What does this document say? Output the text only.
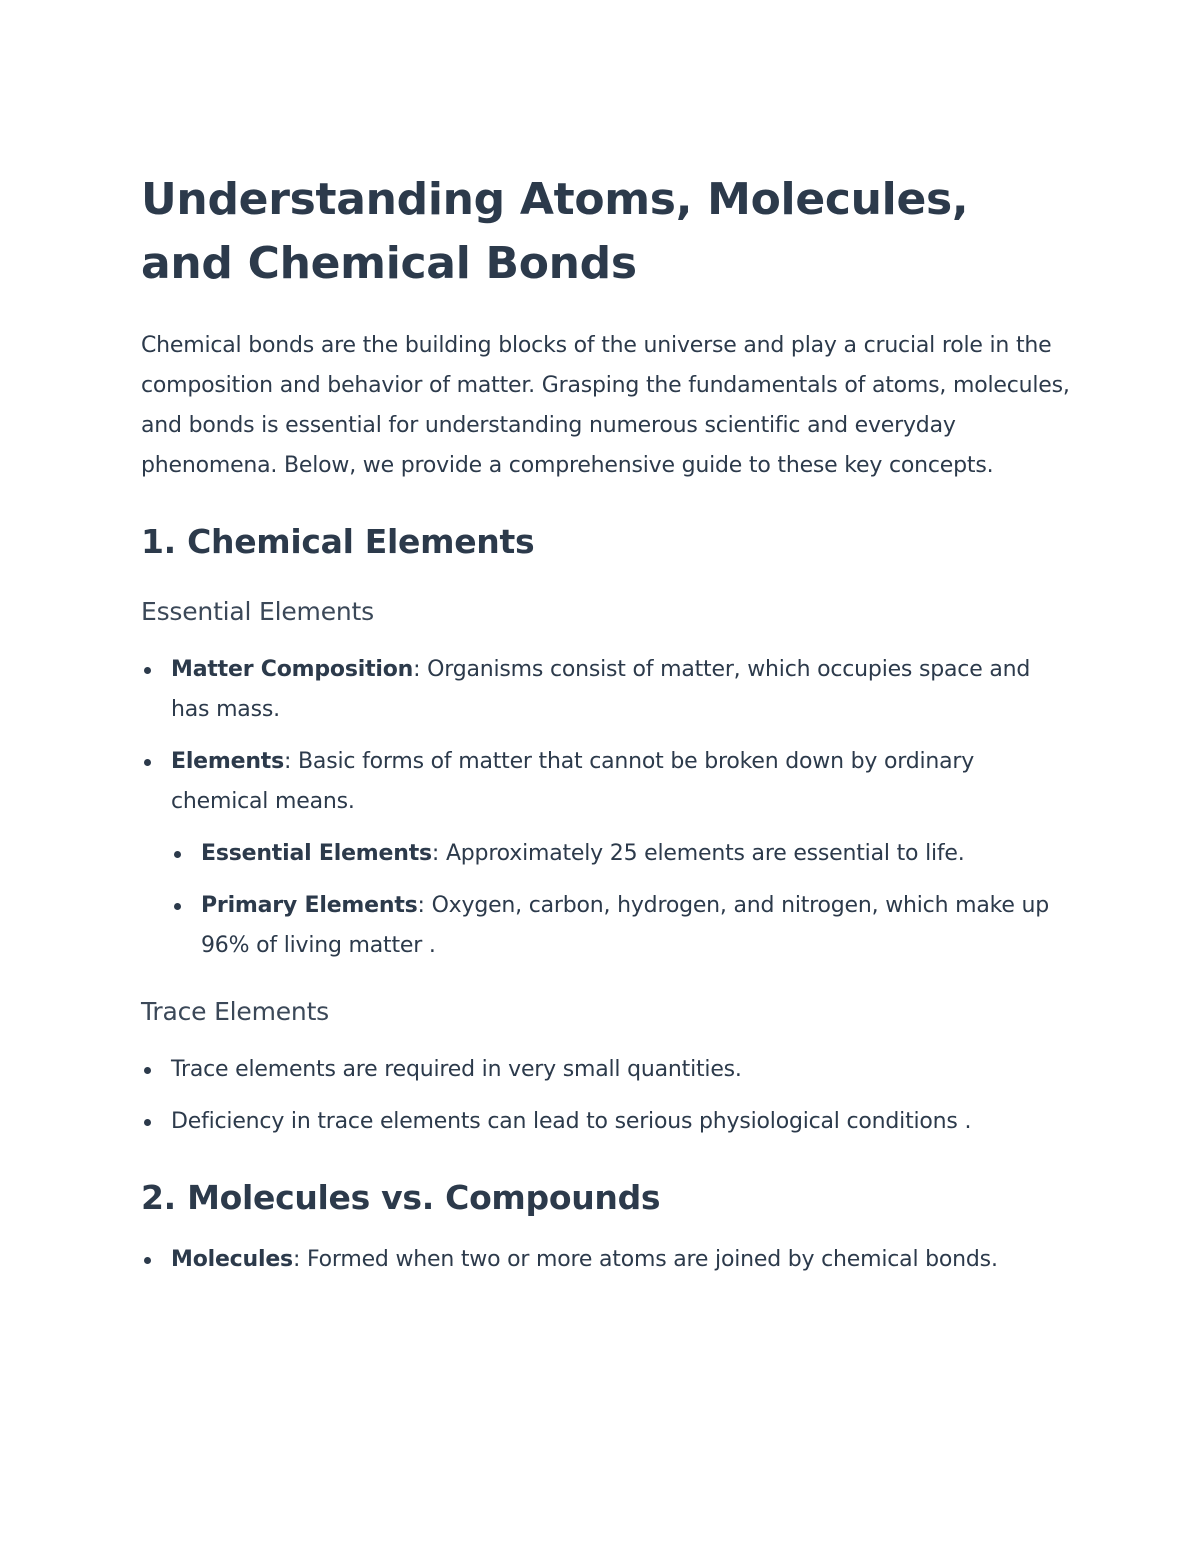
Understanding Atoms, Molecules, and Chemical Bonds

Chemical bonds are the building blocks of the universe and play a crucial role in the composition and behavior of matter. Grasping the fundamentals of atoms, molecules, and bonds is essential for understanding numerous scientific and everyday phenomena. Below, we provide a comprehensive guide to these key concepts.

1. Chemical Elements
Essential Elements
Matter Composition: Organisms consist of matter, which occupies space and has mass.
Elements: Basic forms of matter that cannot be broken down by ordinary chemical means.
Essential Elements: Approximately 25 elements are essential to life.
Primary Elements: Oxygen, carbon, hydrogen, and nitrogen, which make up 96% of living matter .
Trace Elements
Trace elements are required in very small quantities.
Deficiency in trace elements can lead to serious physiological conditions .
2. Molecules vs. Compounds
Molecules: Formed when two or more atoms are joined by chemical bonds.
